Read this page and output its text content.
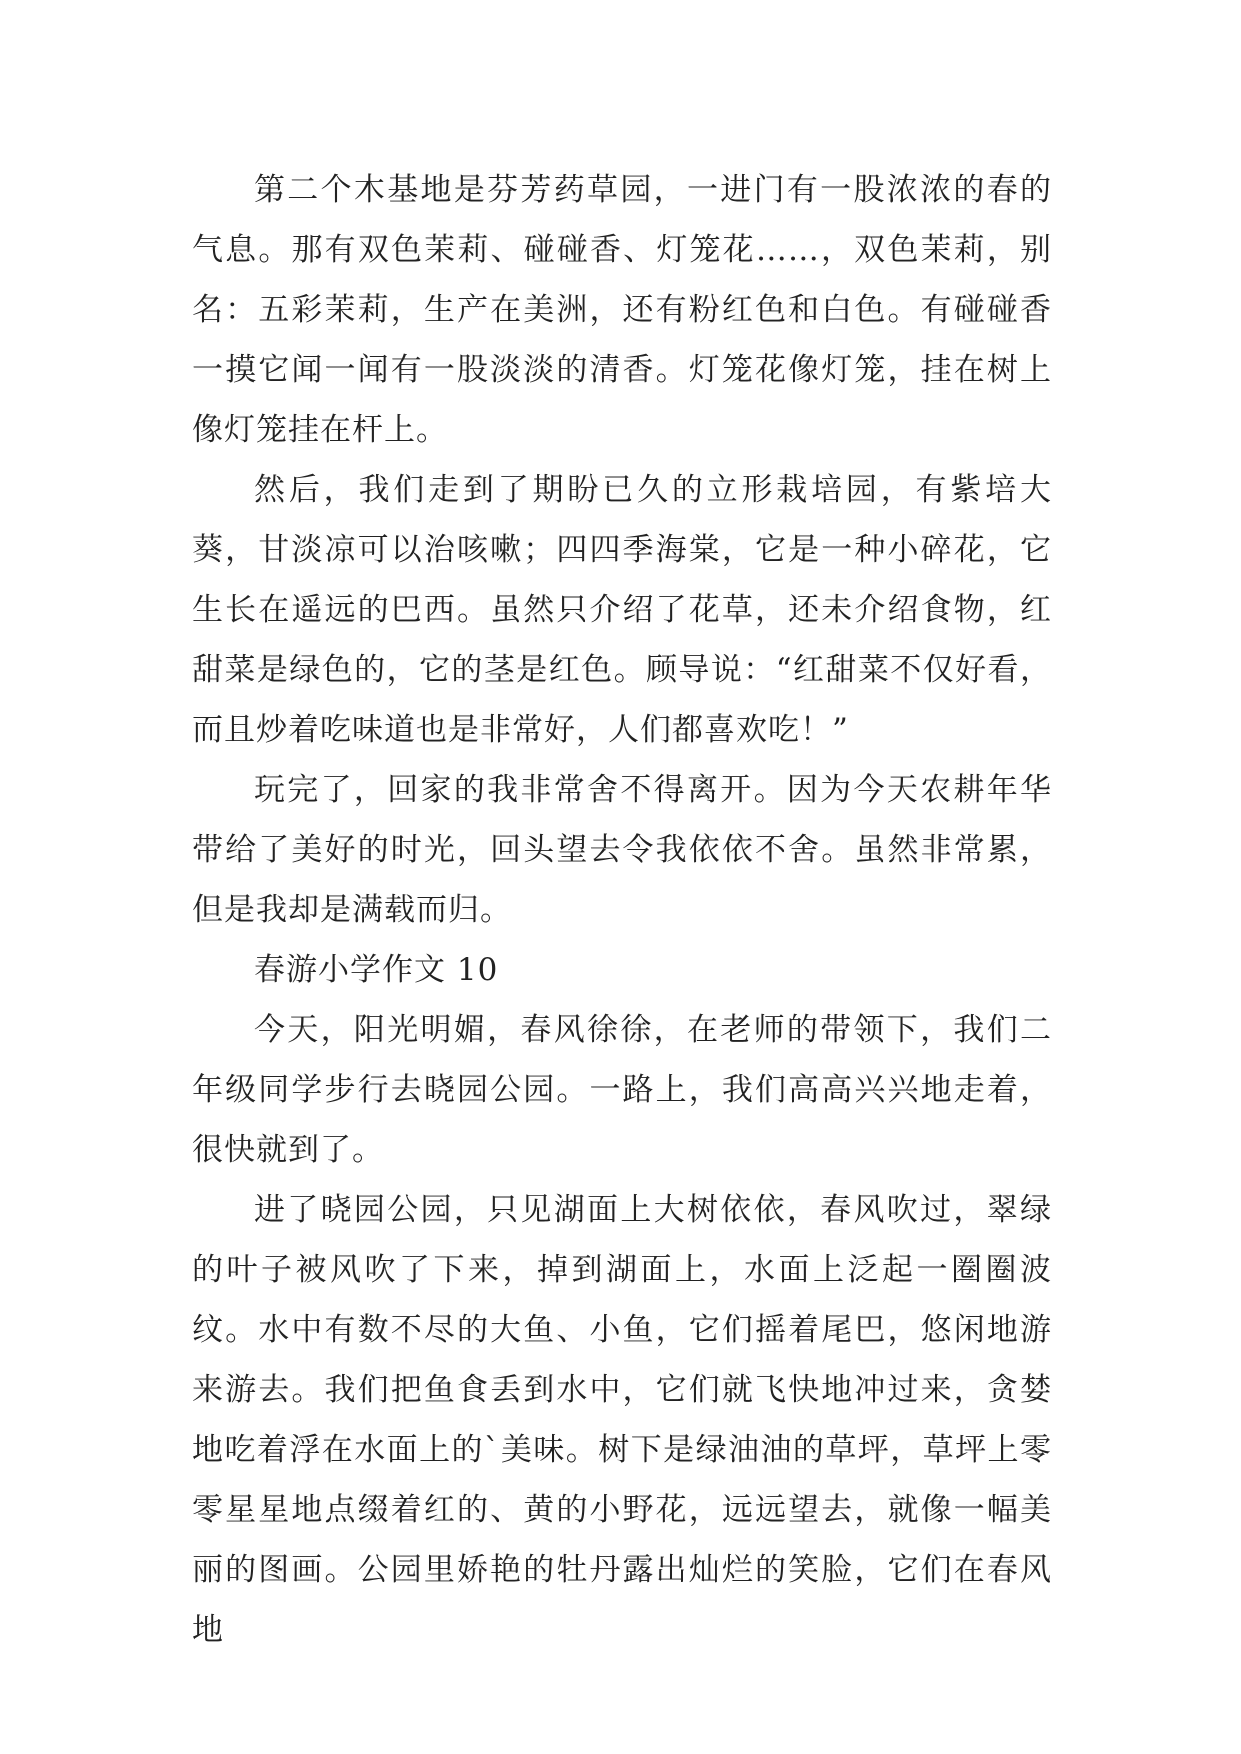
第二个木基地是芬芳药草园，一进门有一股浓浓的春的气息。那有双色茉莉、碰碰香、灯笼花……，双色茉莉，别名：五彩茉莉，生产在美洲，还有粉红色和白色。有碰碰香一摸它闻一闻有一股淡淡的清香。灯笼花像灯笼，挂在树上像灯笼挂在杆上。

然后，我们走到了期盼已久的立形栽培园，有紫培大葵，甘淡凉可以治咳嗽；四四季海棠，它是一种小碎花，它生长在遥远的巴西。虽然只介绍了花草，还未介绍食物，红甜菜是绿色的，它的茎是红色。顾导说：“红甜菜不仅好看，而且炒着吃味道也是非常好，人们都喜欢吃！”

玩完了，回家的我非常舍不得离开。因为今天农耕年华带给了美好的时光，回头望去令我依依不舍。虽然非常累，但是我却是满载而归。

春游小学作文 10

今天，阳光明媚，春风徐徐，在老师的带领下，我们二年级同学步行去晓园公园。一路上，我们高高兴兴地走着，很快就到了。

进了晓园公园，只见湖面上大树依依，春风吹过，翠绿的叶子被风吹了下来，掉到湖面上，水面上泛起一圈圈波纹。水中有数不尽的大鱼、小鱼，它们摇着尾巴，悠闲地游来游去。我们把鱼食丢到水中，它们就飞快地冲过来，贪婪地吃着浮在水面上的`美味。树下是绿油油的草坪，草坪上零零星星地点缀着红的、黄的小野花，远远望去，就像一幅美丽的图画。公园里娇艳的牡丹露出灿烂的笑脸，它们在春风地
